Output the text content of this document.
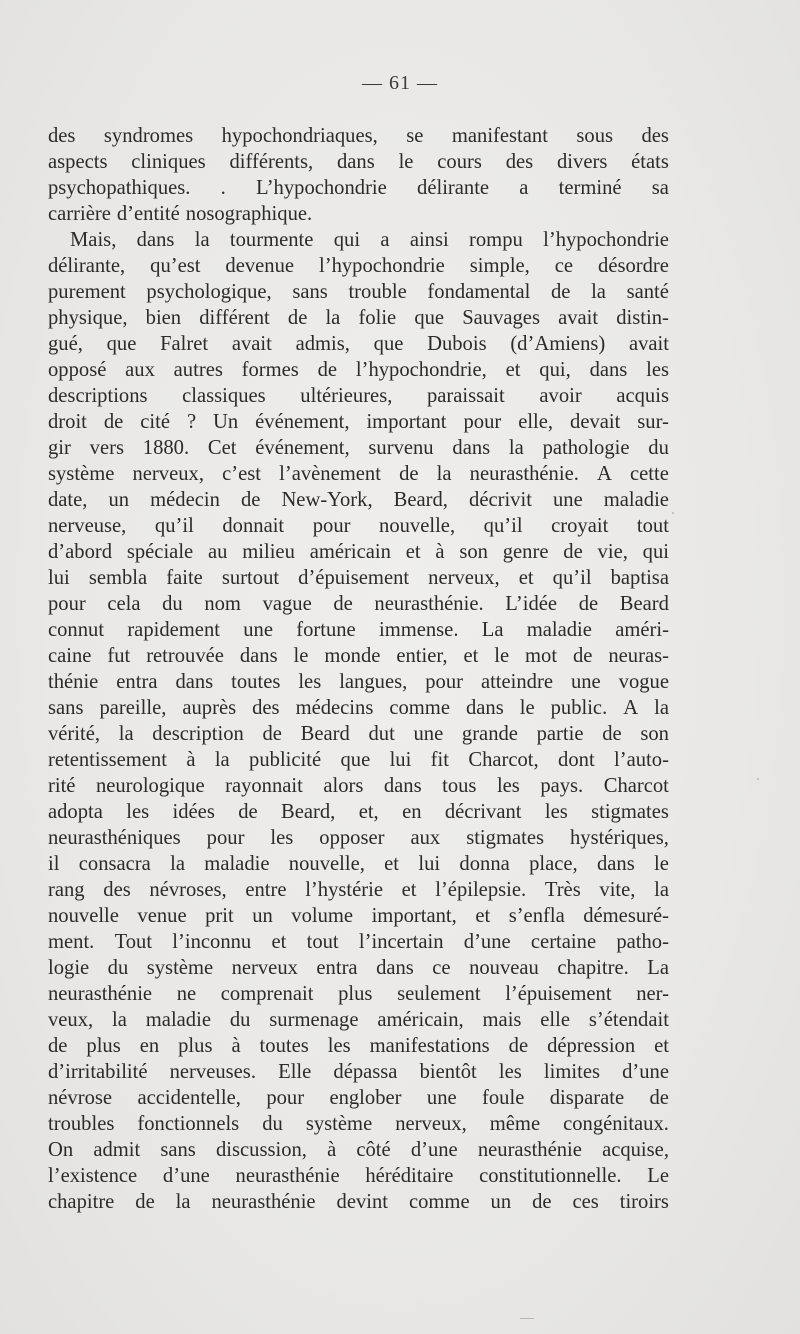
— 61 —
des syndromes hypochondriaques, se manifestant sous des
aspects cliniques différents, dans le cours des divers états
psychopathiques. . L’hypochondrie délirante a terminé sa
carrière d’entité nosographique.
Mais, dans la tourmente qui a ainsi rompu l’hypochondrie
délirante, qu’est devenue l’hypochondrie simple, ce désordre
purement psychologique, sans trouble fondamental de la santé
physique, bien différent de la folie que Sauvages avait distin-
gué, que Falret avait admis, que Dubois (d’Amiens) avait
opposé aux autres formes de l’hypochondrie, et qui, dans les
descriptions classiques ultérieures, paraissait avoir acquis
droit de cité ? Un événement, important pour elle, devait sur-
gir vers 1880. Cet événement, survenu dans la pathologie du
système nerveux, c’est l’avènement de la neurasthénie. A cette
date, un médecin de New-York, Beard, décrivit une maladie
nerveuse, qu’il donnait pour nouvelle, qu’il croyait tout
d’abord spéciale au milieu américain et à son genre de vie, qui
lui sembla faite surtout d’épuisement nerveux, et qu’il baptisa
pour cela du nom vague de neurasthénie. L’idée de Beard
connut rapidement une fortune immense. La maladie améri-
caine fut retrouvée dans le monde entier, et le mot de neuras-
thénie entra dans toutes les langues, pour atteindre une vogue
sans pareille, auprès des médecins comme dans le public. A la
vérité, la description de Beard dut une grande partie de son
retentissement à la publicité que lui fit Charcot, dont l’auto-
rité neurologique rayonnait alors dans tous les pays. Charcot
adopta les idées de Beard, et, en décrivant les stigmates
neurasthéniques pour les opposer aux stigmates hystériques,
il consacra la maladie nouvelle, et lui donna place, dans le
rang des névroses, entre l’hystérie et l’épilepsie. Très vite, la
nouvelle venue prit un volume important, et s’enfla démesuré-
ment. Tout l’inconnu et tout l’incertain d’une certaine patho-
logie du système nerveux entra dans ce nouveau chapitre. La
neurasthénie ne comprenait plus seulement l’épuisement ner-
veux, la maladie du surmenage américain, mais elle s’étendait
de plus en plus à toutes les manifestations de dépression et
d’irritabilité nerveuses. Elle dépassa bientôt les limites d’une
névrose accidentelle, pour englober une foule disparate de
troubles fonctionnels du système nerveux, même congénitaux.
On admit sans discussion, à côté d’une neurasthénie acquise,
l’existence d’une neurasthénie héréditaire constitutionnelle. Le
chapitre de la neurasthénie devint comme un de ces tiroirs
